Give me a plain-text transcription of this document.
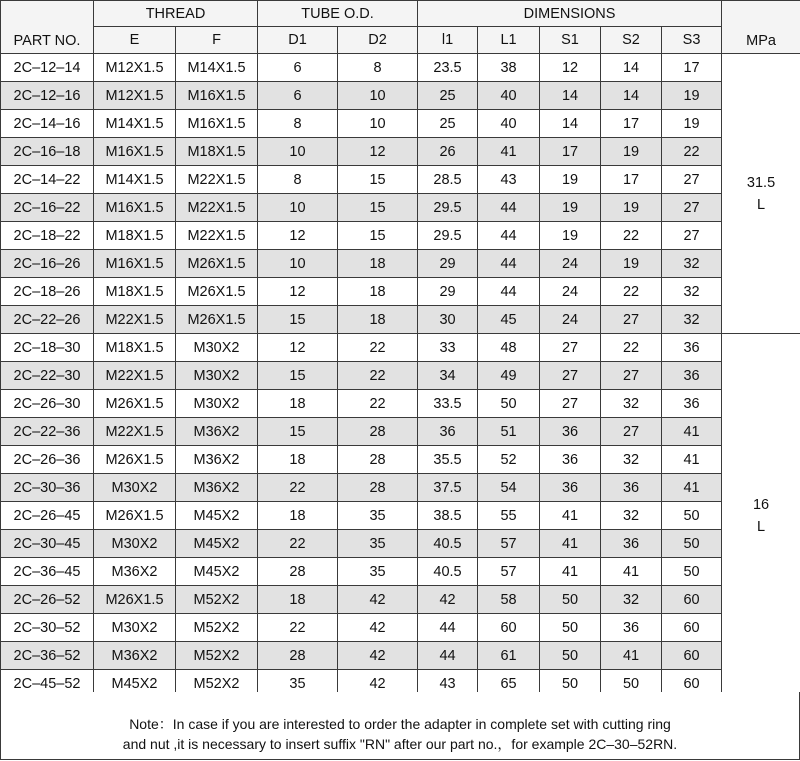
PART NO.	THREAD		TUBE O.D.		DIMENSIONS					MPa
	E	F	D1	D2	l1	L1	S1	S2	S3	
2C–12–14	M12X1.5	M14X1.5	6	8	23.5	38	12	14	17	31.5
L

2C–12–16	M12X1.5	M16X1.5	6	10	25	40	14	14	19	
2C–14–16	M14X1.5	M16X1.5	8	10	25	40	14	17	19	
2C–16–18	M16X1.5	M18X1.5	10	12	26	41	17	19	22	
2C–14–22	M14X1.5	M22X1.5	8	15	28.5	43	19	17	27	
2C–16–22	M16X1.5	M22X1.5	10	15	29.5	44	19	19	27	
2C–18–22	M18X1.5	M22X1.5	12	15	29.5	44	19	22	27	
2C–16–26	M16X1.5	M26X1.5	10	18	29	44	24	19	32	
2C–18–26	M18X1.5	M26X1.5	12	18	29	44	24	22	32	
2C–22–26	M22X1.5	M26X1.5	15	18	30	45	24	27	32	
2C–18–30	M18X1.5	M30X2	12	22	33	48	27	22	36	16
L

2C–22–30	M22X1.5	M30X2	15	22	34	49	27	27	36	
2C–26–30	M26X1.5	M30X2	18	22	33.5	50	27	32	36	
2C–22–36	M22X1.5	M36X2	15	28	36	51	36	27	41	
2C–26–36	M26X1.5	M36X2	18	28	35.5	52	36	32	41	
2C–30–36	M30X2	M36X2	22	28	37.5	54	36	36	41	
2C–26–45	M26X1.5	M45X2	18	35	38.5	55	41	32	50	
2C–30–45	M30X2	M45X2	22	35	40.5	57	41	36	50	
2C–36–45	M36X2	M45X2	28	35	40.5	57	41	41	50	
2C–26–52	M26X1.5	M52X2	18	42	42	58	50	32	60	
2C–30–52	M30X2	M52X2	22	42	44	60	50	36	60	
2C–36–52	M36X2	M52X2	28	42	44	61	50	41	60	
2C–45–52	M45X2	M52X2	35	42	43	65	50	50	60	
Note：In case if you are interested to order the adapter in complete set with cutting ring
and nut ,it is necessary to insert suffix "RN" after our part no.，for example 2C–30–52RN.
